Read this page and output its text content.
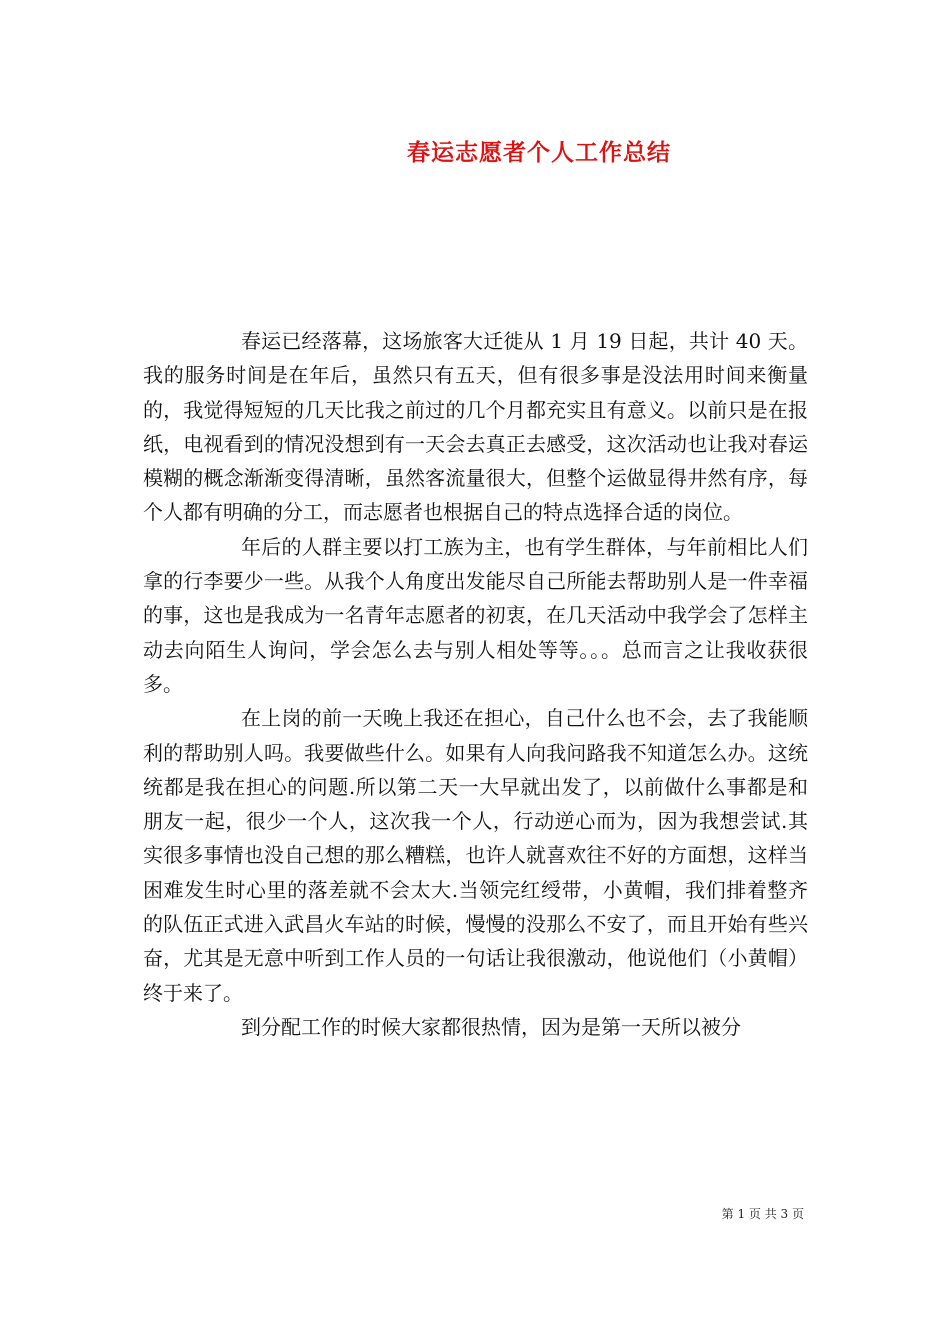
春运志愿者个人工作总结

春运已经落幕，这场旅客大迁徙从 1 月 19 日起，共计 40 天。我的服务时间是在年后，虽然只有五天，但有很多事是没法用时间来衡量的，我觉得短短的几天比我之前过的几个月都充实且有意义。以前只是在报纸，电视看到的情况没想到有一天会去真正去感受，这次活动也让我对春运模糊的概念渐渐变得清晰，虽然客流量很大，但整个运做显得井然有序，每个人都有明确的分工，而志愿者也根据自己的特点选择合适的岗位。

年后的人群主要以打工族为主，也有学生群体，与年前相比人们拿的行李要少一些。从我个人角度出发能尽自己所能去帮助别人是一件幸福的事，这也是我成为一名青年志愿者的初衷，在几天活动中我学会了怎样主动去向陌生人询问，学会怎么去与别人相处等等。。。总而言之让我收获很多。

在上岗的前一天晚上我还在担心，自己什么也不会，去了我能顺利的帮助别人吗。我要做些什么。如果有人向我问路我不知道怎么办。这统统都是我在担心的问题.所以第二天一大早就出发了，以前做什么事都是和朋友一起，很少一个人，这次我一个人，行动逆心而为，因为我想尝试.其实很多事情也没自己想的那么糟糕，也许人就喜欢往不好的方面想，这样当困难发生时心里的落差就不会太大.当领完红绶带，小黄帽，我们排着整齐的队伍正式进入武昌火车站的时候，慢慢的没那么不安了，而且开始有些兴奋，尤其是无意中听到工作人员的一句话让我很激动，他说他们（小黄帽）终于来了。

到分配工作的时候大家都很热情，因为是第一天所以被分

第 1 页 共 3 页
